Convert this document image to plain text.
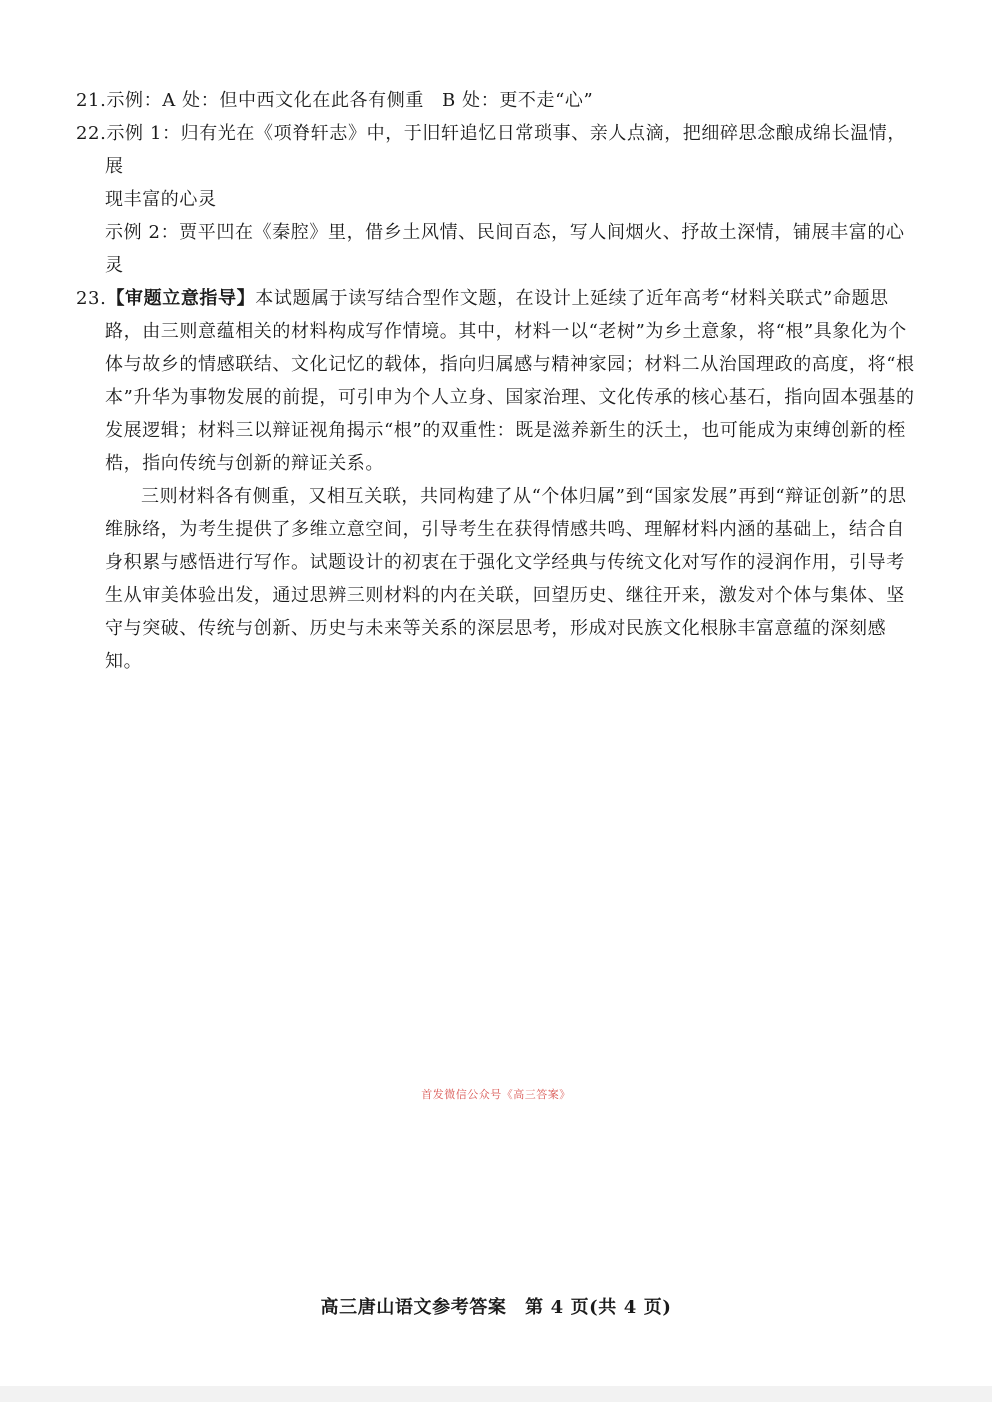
21.示例：A 处：但中西文化在此各有侧重 B 处：更不走“心”

22.示例 1：归有光在《项脊轩志》中，于旧轩追忆日常琐事、亲人点滴，把细碎思念酿成绵长温情，展
现丰富的心灵

示例 2：贾平凹在《秦腔》里，借乡土风情、民间百态，写人间烟火、抒故土深情，铺展丰富的心灵

23.【审题立意指导】本试题属于读写结合型作文题，在设计上延续了近年高考“材料关联式”命题思路，由三则意蕴相关的材料构成写作情境。其中，材料一以“老树”为乡土意象，将“根”具象化为个体与故乡的情感联结、文化记忆的载体，指向归属感与精神家园；材料二从治国理政的高度，将“根本”升华为事物发展的前提，可引申为个人立身、国家治理、文化传承的核心基石，指向固本强基的发展逻辑；材料三以辩证视角揭示“根”的双重性：既是滋养新生的沃土，也可能成为束缚创新的桎梏，指向传统与创新的辩证关系。

三则材料各有侧重，又相互关联，共同构建了从“个体归属”到“国家发展”再到“辩证创新”的思维脉络，为考生提供了多维立意空间，引导考生在获得情感共鸣、理解材料内涵的基础上，结合自身积累与感悟进行写作。试题设计的初衷在于强化文学经典与传统文化对写作的浸润作用，引导考生从审美体验出发，通过思辨三则材料的内在关联，回望历史、继往开来，激发对个体与集体、坚守与突破、传统与创新、历史与未来等关系的深层思考，形成对民族文化根脉丰富意蕴的深刻感知。

首发微信公众号《高三答案》
高三唐山语文参考答案　第 4 页(共 4 页)
